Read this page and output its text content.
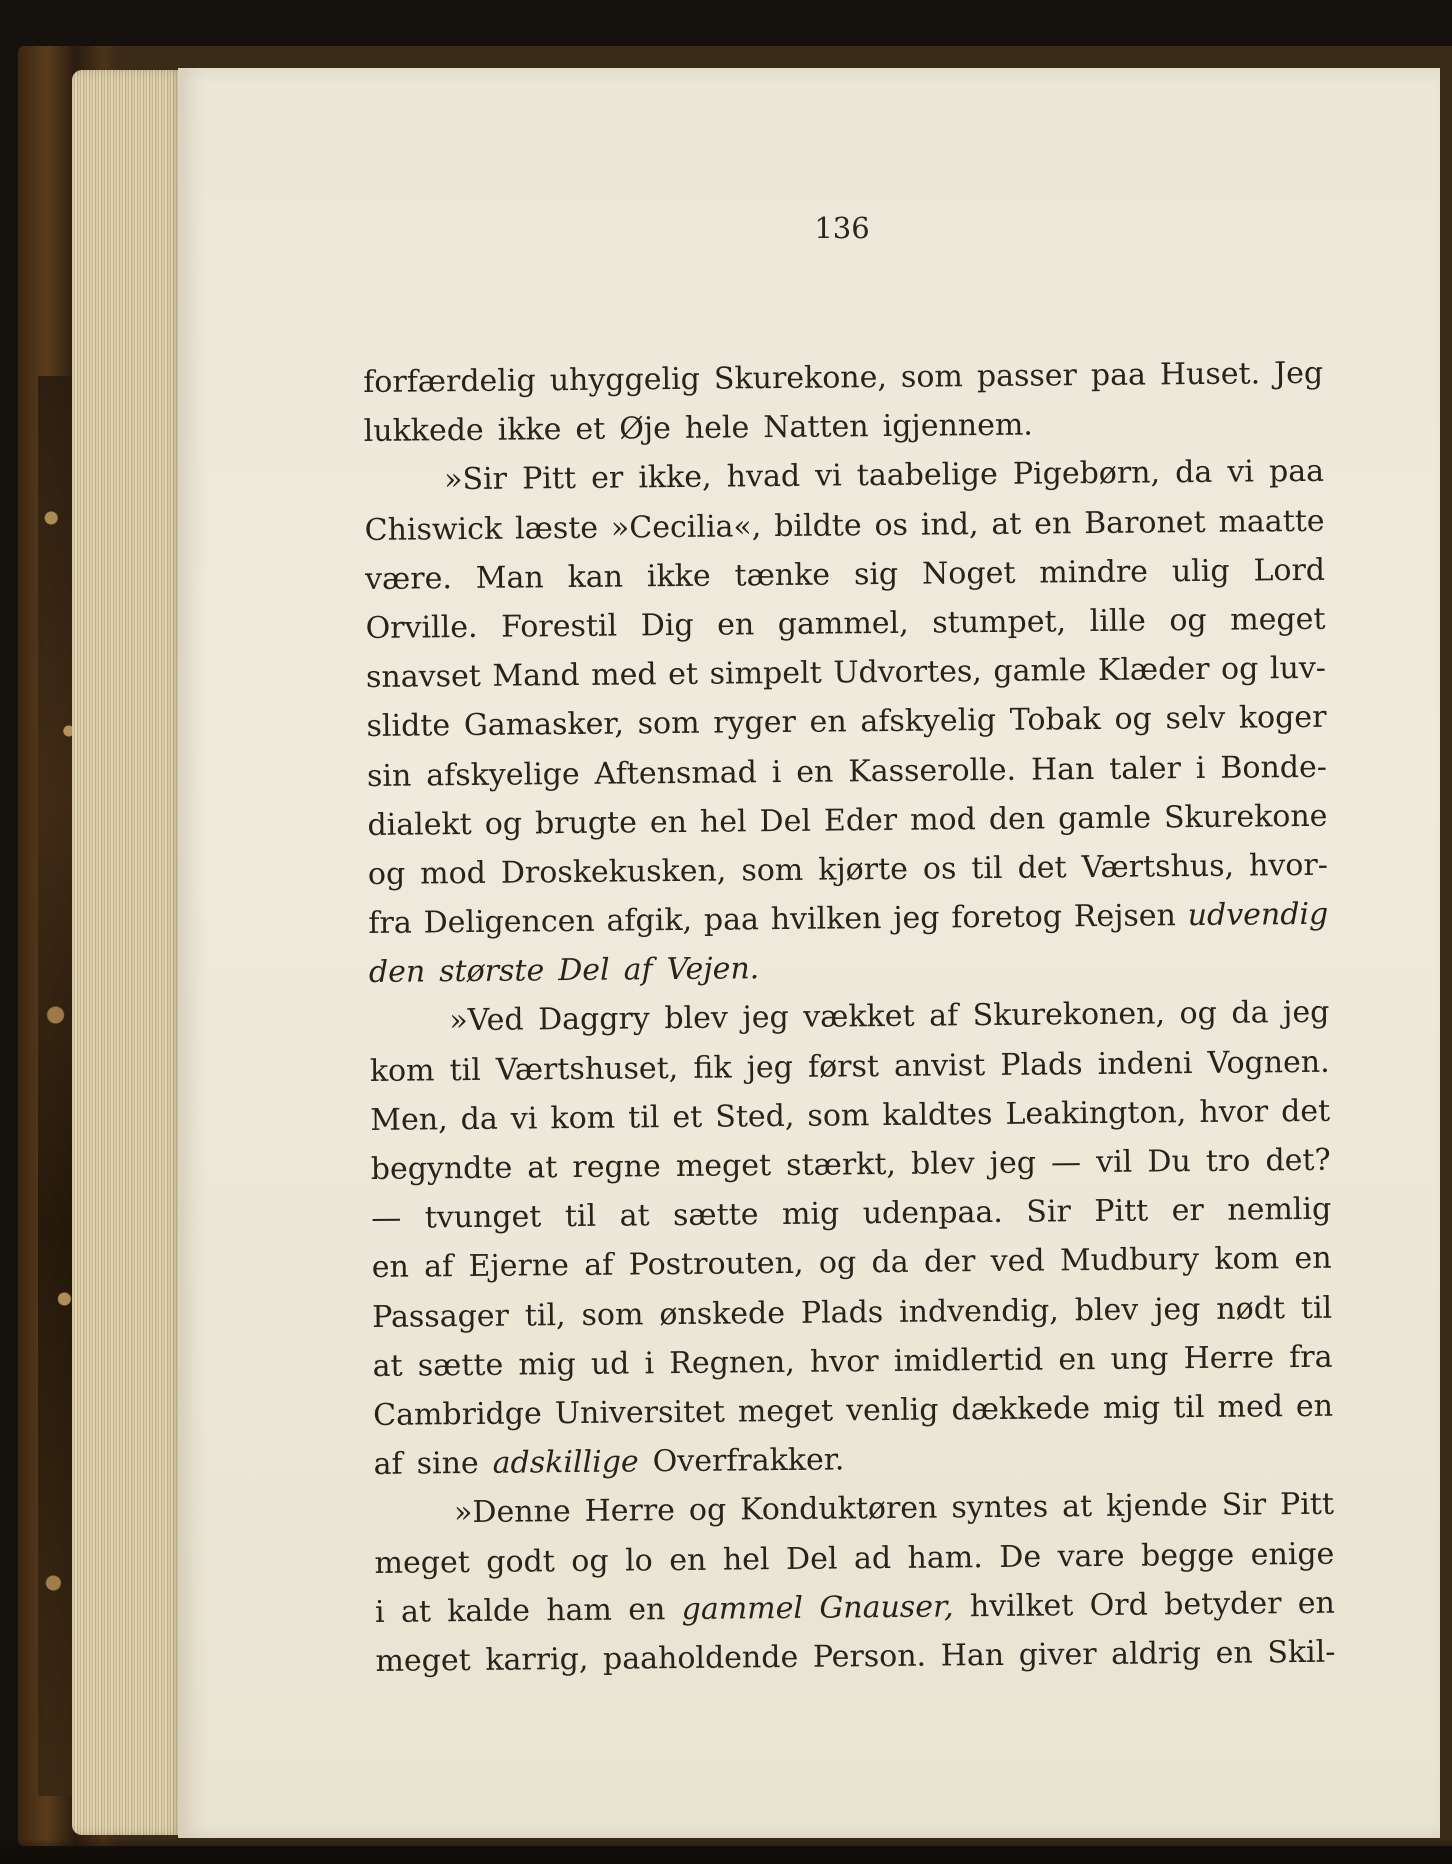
136
forfærdelig uhyggelig Skurekone, som passer paa Huset. Jeg
lukkede ikke et Øje hele Natten igjennem.
»Sir Pitt er ikke, hvad vi taabelige Pigebørn, da vi paa
Chiswick læste »Cecilia«, bildte os ind, at en Baronet maatte
være. Man kan ikke tænke sig Noget mindre ulig Lord
Orville. Forestil Dig en gammel, stumpet, lille og meget
snavset Mand med et simpelt Udvortes, gamle Klæder og luv-
slidte Gamasker, som ryger en afskyelig Tobak og selv koger
sin afskyelige Aftensmad i en Kasserolle. Han taler i Bonde-
dialekt og brugte en hel Del Eder mod den gamle Skurekone
og mod Droskekusken, som kjørte os til det Værtshus, hvor-
fra Deligencen afgik, paa hvilken jeg foretog Rejsen udvendig
den største Del af Vejen.
»Ved Daggry blev jeg vækket af Skurekonen, og da jeg
kom til Værtshuset, fik jeg først anvist Plads indeni Vognen.
Men, da vi kom til et Sted, som kaldtes Leakington, hvor det
begyndte at regne meget stærkt, blev jeg — vil Du tro det?
— tvunget til at sætte mig udenpaa. Sir Pitt er nemlig
en af Ejerne af Postrouten, og da der ved Mudbury kom en
Passager til, som ønskede Plads indvendig, blev jeg nødt til
at sætte mig ud i Regnen, hvor imidlertid en ung Herre fra
Cambridge Universitet meget venlig dækkede mig til med en
af sine adskillige Overfrakker.
»Denne Herre og Konduktøren syntes at kjende Sir Pitt
meget godt og lo en hel Del ad ham. De vare begge enige
i at kalde ham en gammel Gnauser, hvilket Ord betyder en
meget karrig, paaholdende Person. Han giver aldrig en Skil-
